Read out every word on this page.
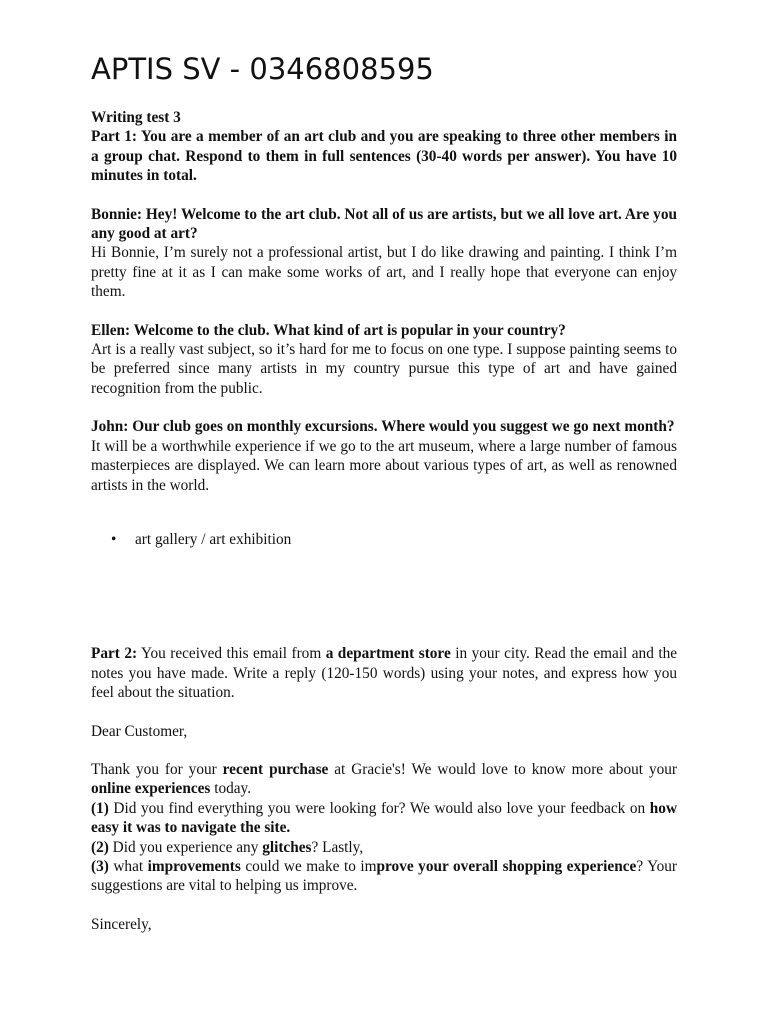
APTIS SV - 0346808595

Writing test 3

Part 1: You are a member of an art club and you are speaking to three other members in a group chat. Respond to them in full sentences (30-40 words per answer). You have 10 minutes in total.

Bonnie: Hey! Welcome to the art club. Not all of us are artists, but we all love art. Are you any good at art?

Hi Bonnie, I’m surely not a professional artist, but I do like drawing and painting. I think I’m pretty fine at it as I can make some works of art, and I really hope that everyone can enjoy them.

Ellen: Welcome to the club. What kind of art is popular in your country?

Art is a really vast subject, so it’s hard for me to focus on one type. I suppose painting seems to be preferred since many artists in my country pursue this type of art and have gained recognition from the public.

John: Our club goes on monthly excursions. Where would you suggest we go next month?

It will be a worthwhile experience if we go to the art museum, where a large number of famous masterpieces are displayed. We can learn more about various types of art, as well as renowned artists in the world.

• art gallery / art exhibition

Part 2: You received this email from a department store in your city. Read the email and the notes you have made. Write a reply (120-150 words) using your notes, and express how you feel about the situation.

Dear Customer,

Thank you for your recent purchase at Gracie's! We would love to know more about your online experiences today.

(1) Did you find everything you were looking for? We would also love your feedback on how easy it was to navigate the site.

(2) Did you experience any glitches? Lastly,

(3) what improvements could we make to improve your overall shopping experience? Your suggestions are vital to helping us improve.

Sincerely,
